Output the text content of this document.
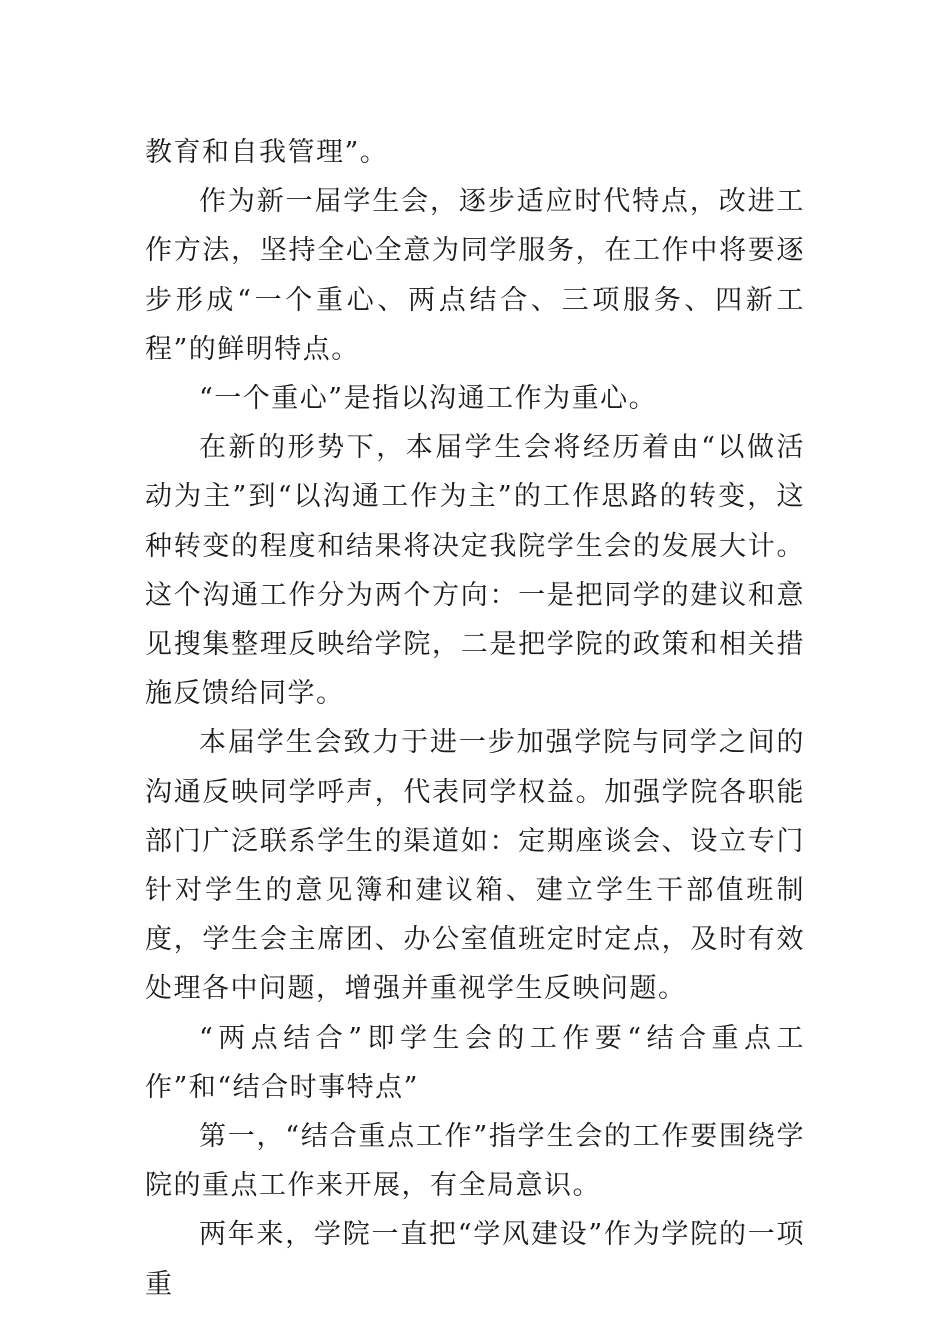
教育和自我管理”。

作为新一届学生会，逐步适应时代特点，改进工作方法，坚持全心全意为同学服务，在工作中将要逐步形成“一个重心、两点结合、三项服务、四新工程”的鲜明特点。

“一个重心”是指以沟通工作为重心。

在新的形势下，本届学生会将经历着由“以做活动为主”到“以沟通工作为主”的工作思路的转变，这种转变的程度和结果将决定我院学生会的发展大计。这个沟通工作分为两个方向：一是把同学的建议和意见搜集整理反映给学院，二是把学院的政策和相关措施反馈给同学。

本届学生会致力于进一步加强学院与同学之间的沟通反映同学呼声，代表同学权益。加强学院各职能部门广泛联系学生的渠道如：定期座谈会、设立专门针对学生的意见簿和建议箱、建立学生干部值班制度，学生会主席团、办公室值班定时定点，及时有效处理各中问题，增强并重视学生反映问题。

“两点结合”即学生会的工作要“结合重点工作”和“结合时事特点”

第一，“结合重点工作”指学生会的工作要围绕学院的重点工作来开展，有全局意识。

两年来，学院一直把“学风建设”作为学院的一项重
